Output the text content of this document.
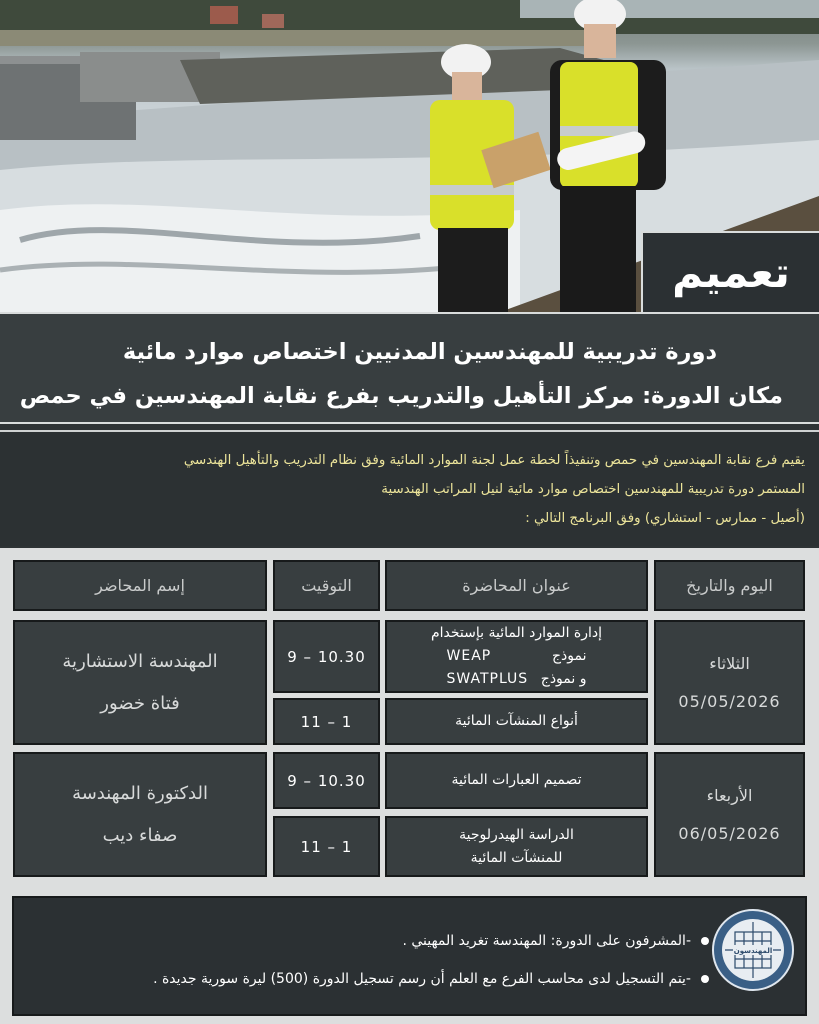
تعميم
دورة تدريبية للمهندسين المدنيين اختصاص موارد مائية
مكان الدورة: مركز التأهيل والتدريب بفرع نقابة المهندسين في حمص

يقيم فرع نقابة المهندسين في حمص وتنفيذاً لخطة عمل لجنة الموارد المائية وفق نظام التدريب والتأهيل الهندسي

المستمر دورة تدريبية للمهندسين اختصاص موارد مائية لنيل المراتب الهندسية

(أصيل - ممارس - استشاري) وفق البرنامج التالي :

اليوم والتاريخ
عنوان المحاضرة
التوقيت
إسم المحاضر
الثلاثاء
05/05/2026
إدارة الموارد المائية بإستخدام
نموذج
WEAP
و نموذج
SWATPLUS
9 – 10.30
أنواع المنشآت المائية
11 – 1
المهندسة الاستشارية
فتاة خضور
الأربعاء
06/05/2026
تصميم العبارات المائية
9 – 10.30
الدراسة الهيدرلوجية
للمنشآت المائية
11 – 1
الدكتورة المهندسة
صفاء ديب
-المشرفون على الدورة: المهندسة تغريد المهيني .
-يتم التسجيل لدى محاسب الفرع مع العلم أن رسم تسجيل الدورة (500) ليرة سورية جديدة .
المهندسون
